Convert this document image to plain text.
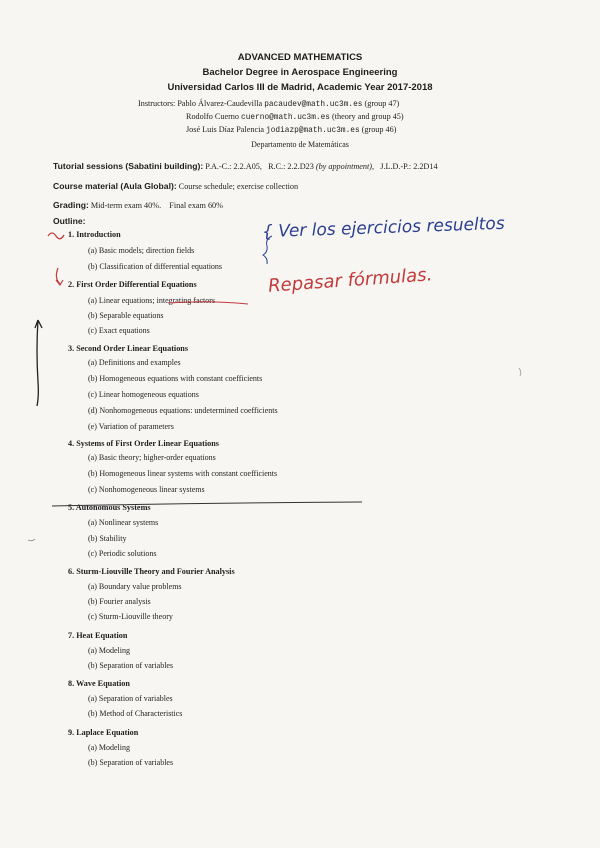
ADVANCED MATHEMATICS
Bachelor Degree in Aerospace Engineering
Universidad Carlos III de Madrid, Academic Year 2017-2018
Instructors: Pablo Álvarez-Caudevilla pacaudev@math.uc3m.es (group 47)
Rodolfo Cuerno cuerno@math.uc3m.es (theory and group 45)
José Luis Díaz Palencia jodiazp@math.uc3m.es (group 46)
Departamento de Matemáticas
Tutorial sessions (Sabatini building): P.A.-C.: 2.2.A05, R.C.: 2.2.D23 (by appointment), J.L.D.-P.: 2.2D14
Course material (Aula Global): Course schedule; exercise collection
Grading: Mid-term exam 40%.    Final exam 60%
Outline:
1. Introduction
(a) Basic models; direction fields
(b) Classification of differential equations
2. First Order Differential Equations
(a) Linear equations; integrating factors
(b) Separable equations
(c) Exact equations
3. Second Order Linear Equations
(a) Definitions and examples
(b) Homogeneous equations with constant coefficients
(c) Linear homogeneous equations
(d) Nonhomogeneous equations: undetermined coefficients
(e) Variation of parameters
4. Systems of First Order Linear Equations
(a) Basic theory; higher-order equations
(b) Homogeneous linear systems with constant coefficients
(c) Nonhomogeneous linear systems
5. Autonomous Systems
(a) Nonlinear systems
(b) Stability
(c) Periodic solutions
6. Sturm-Liouville Theory and Fourier Analysis
(a) Boundary value problems
(b) Fourier analysis
(c) Sturm-Liouville theory
7. Heat Equation
(a) Modeling
(b) Separation of variables
8. Wave Equation
(a) Separation of variables
(b) Method of Characteristics
9. Laplace Equation
(a) Modeling
(b) Separation of variables
{ Ver los ejercicios resueltos
Repasar fórmulas.
